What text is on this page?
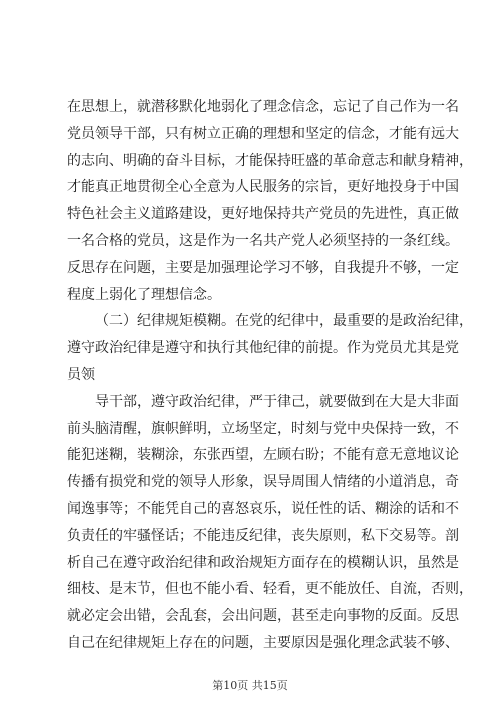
在思想上，就潜移默化地弱化了理念信念，忘记了自己作为一名
党员领导干部，只有树立正确的理想和坚定的信念，才能有远大
的志向、明确的奋斗目标，才能保持旺盛的革命意志和献身精神，
才能真正地贯彻全心全意为人民服务的宗旨，更好地投身于中国
特色社会主义道路建设，更好地保持共产党员的先进性，真正做
一名合格的党员，这是作为一名共产党人必须坚持的一条红线。
反思存在问题，主要是加强理论学习不够，自我提升不够，一定
程度上弱化了理想信念。
（二）纪律规矩模糊。在党的纪律中，最重要的是政治纪律，
遵守政治纪律是遵守和执行其他纪律的前提。作为党员尤其是党
员领
导干部，遵守政治纪律，严于律己，就要做到在大是大非面
前头脑清醒，旗帜鲜明，立场坚定，时刻与党中央保持一致，不
能犯迷糊，装糊涂，东张西望，左顾右盼；不能有意无意地议论
传播有损党和党的领导人形象，误导周围人情绪的小道消息，奇
闻逸事等；不能凭自己的喜怒哀乐，说任性的话、糊涂的话和不
负责任的牢骚怪话；不能违反纪律，丧失原则，私下交易等。剖
析自己在遵守政治纪律和政治规矩方面存在的模糊认识，虽然是
细枝、是末节，但也不能小看、轻看，更不能放任、自流，否则，
就必定会出错，会乱套，会出问题，甚至走向事物的反面。反思
自己在纪律规矩上存在的问题，主要原因是强化理念武装不够、
第10页 共15页
